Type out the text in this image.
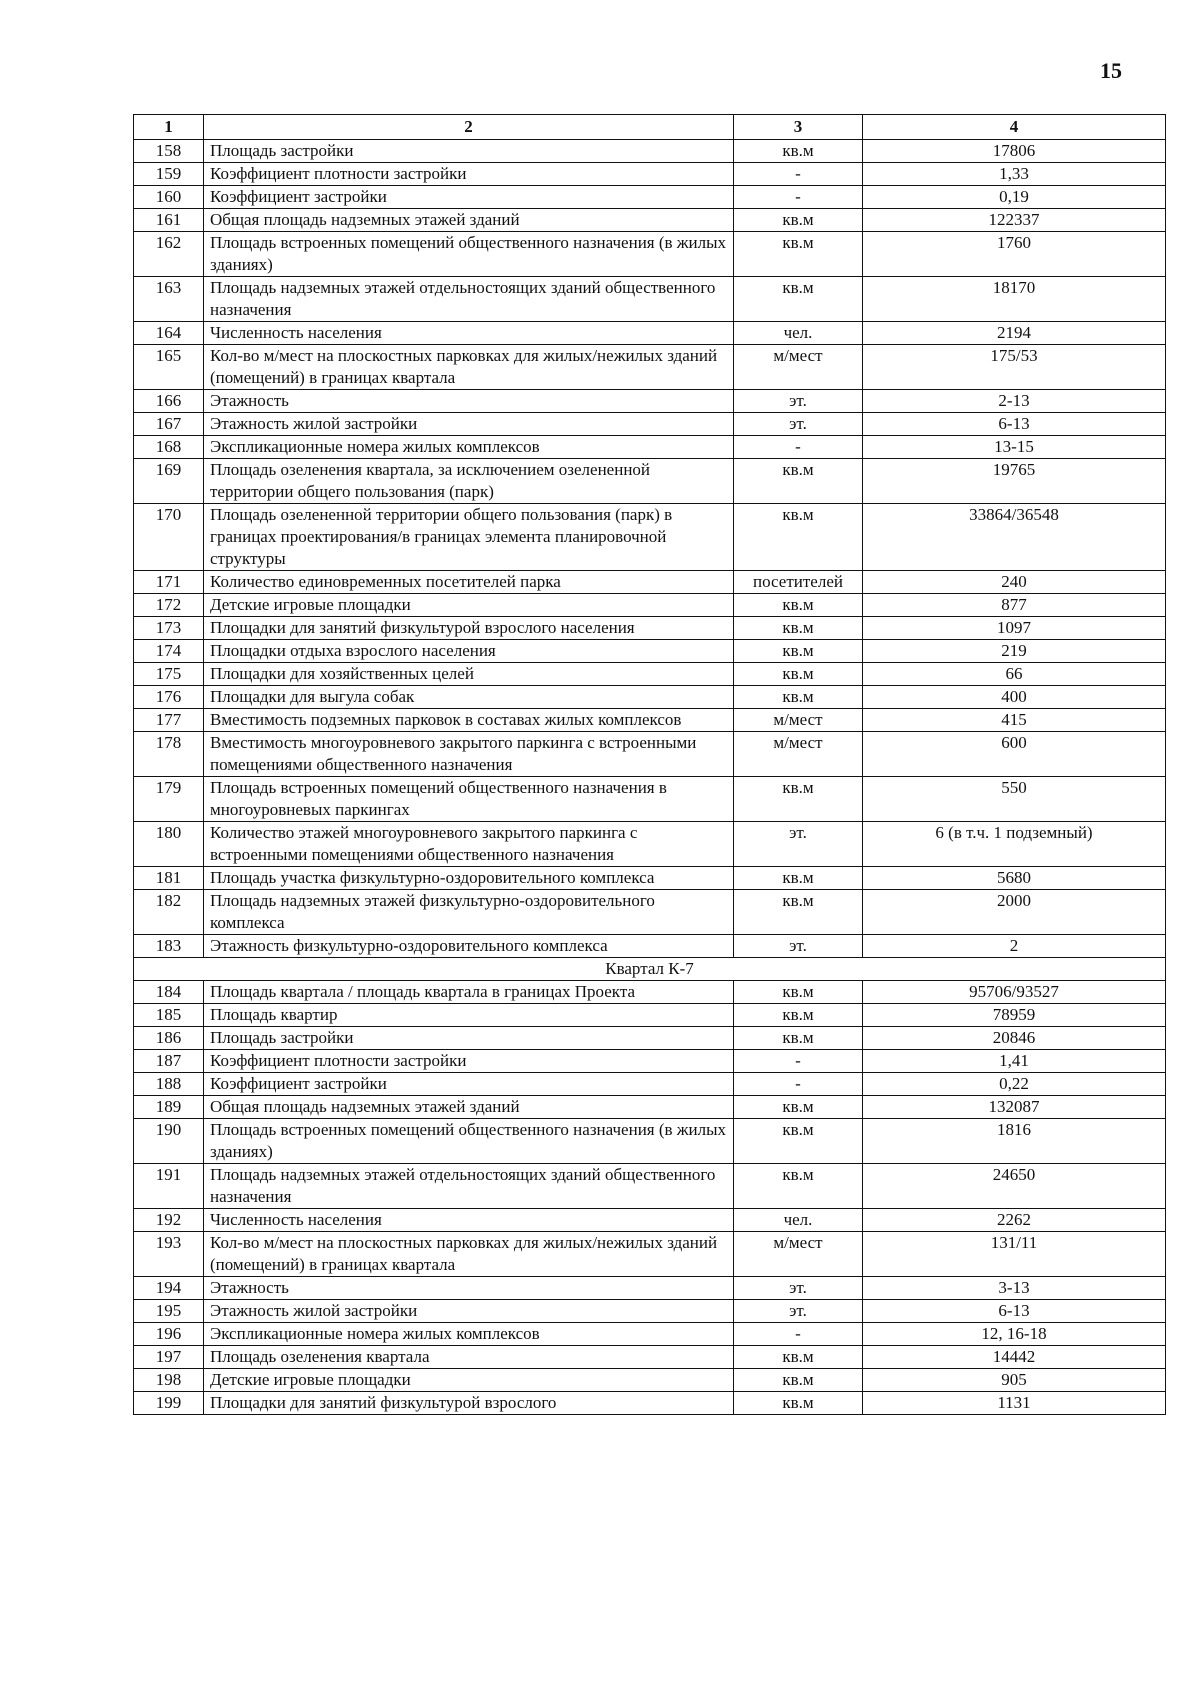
15
1	2	3	4
158	Площадь застройки	кв.м	17806
159	Коэффициент плотности застройки	-	1,33
160	Коэффициент застройки	-	0,19
161	Общая площадь надземных этажей зданий	кв.м	122337
162	Площадь встроенных помещений общественного назначения (в жилых зданиях)	кв.м	1760
163	Площадь надземных этажей отдельностоящих зданий общественного назначения	кв.м	18170
164	Численность населения	чел.	2194
165	Кол-во м/мест на плоскостных парковках для жилых/нежилых зданий (помещений) в границах квартала	м/мест	175/53
166	Этажность	эт.	2-13
167	Этажность жилой застройки	эт.	6-13
168	Экспликационные номера жилых комплексов	-	13-15
169	Площадь озеленения квартала, за исключением озелененной территории общего пользования (парк)	кв.м	19765
170	Площадь озелененной территории общего пользования (парк) в границах проектирования/в границах элемента планировочной структуры	кв.м	33864/36548
171	Количество единовременных посетителей парка	посетителей	240
172	Детские игровые площадки	кв.м	877
173	Площадки для занятий физкультурой взрослого населения	кв.м	1097
174	Площадки отдыха взрослого населения	кв.м	219
175	Площадки для хозяйственных целей	кв.м	66
176	Площадки для выгула собак	кв.м	400
177	Вместимость подземных парковок в составах жилых комплексов	м/мест	415
178	Вместимость многоуровневого закрытого паркинга с встроенными помещениями общественного назначения	м/мест	600
179	Площадь встроенных помещений общественного назначения в многоуровневых паркингах	кв.м	550
180	Количество этажей многоуровневого закрытого паркинга с встроенными помещениями общественного назначения	эт.	6 (в т.ч. 1 подземный)
181	Площадь участка физкультурно-оздоровительного комплекса	кв.м	5680
182	Площадь надземных этажей физкультурно-оздоровительного комплекса	кв.м	2000
183	Этажность физкультурно-оздоровительного комплекса	эт.	2
Квартал К-7			
184	Площадь квартала / площадь квартала в границах Проекта	кв.м	95706/93527
185	Площадь квартир	кв.м	78959
186	Площадь застройки	кв.м	20846
187	Коэффициент плотности застройки	-	1,41
188	Коэффициент застройки	-	0,22
189	Общая площадь надземных этажей зданий	кв.м	132087
190	Площадь встроенных помещений общественного назначения (в жилых зданиях)	кв.м	1816
191	Площадь надземных этажей отдельностоящих зданий общественного назначения	кв.м	24650
192	Численность населения	чел.	2262
193	Кол-во м/мест на плоскостных парковках для жилых/нежилых зданий (помещений) в границах квартала	м/мест	131/11
194	Этажность	эт.	3-13
195	Этажность жилой застройки	эт.	6-13
196	Экспликационные номера жилых комплексов	-	12, 16-18
197	Площадь озеленения квартала	кв.м	14442
198	Детские игровые площадки	кв.м	905
199	Площадки для занятий физкультурой взрослого	кв.м	1131
